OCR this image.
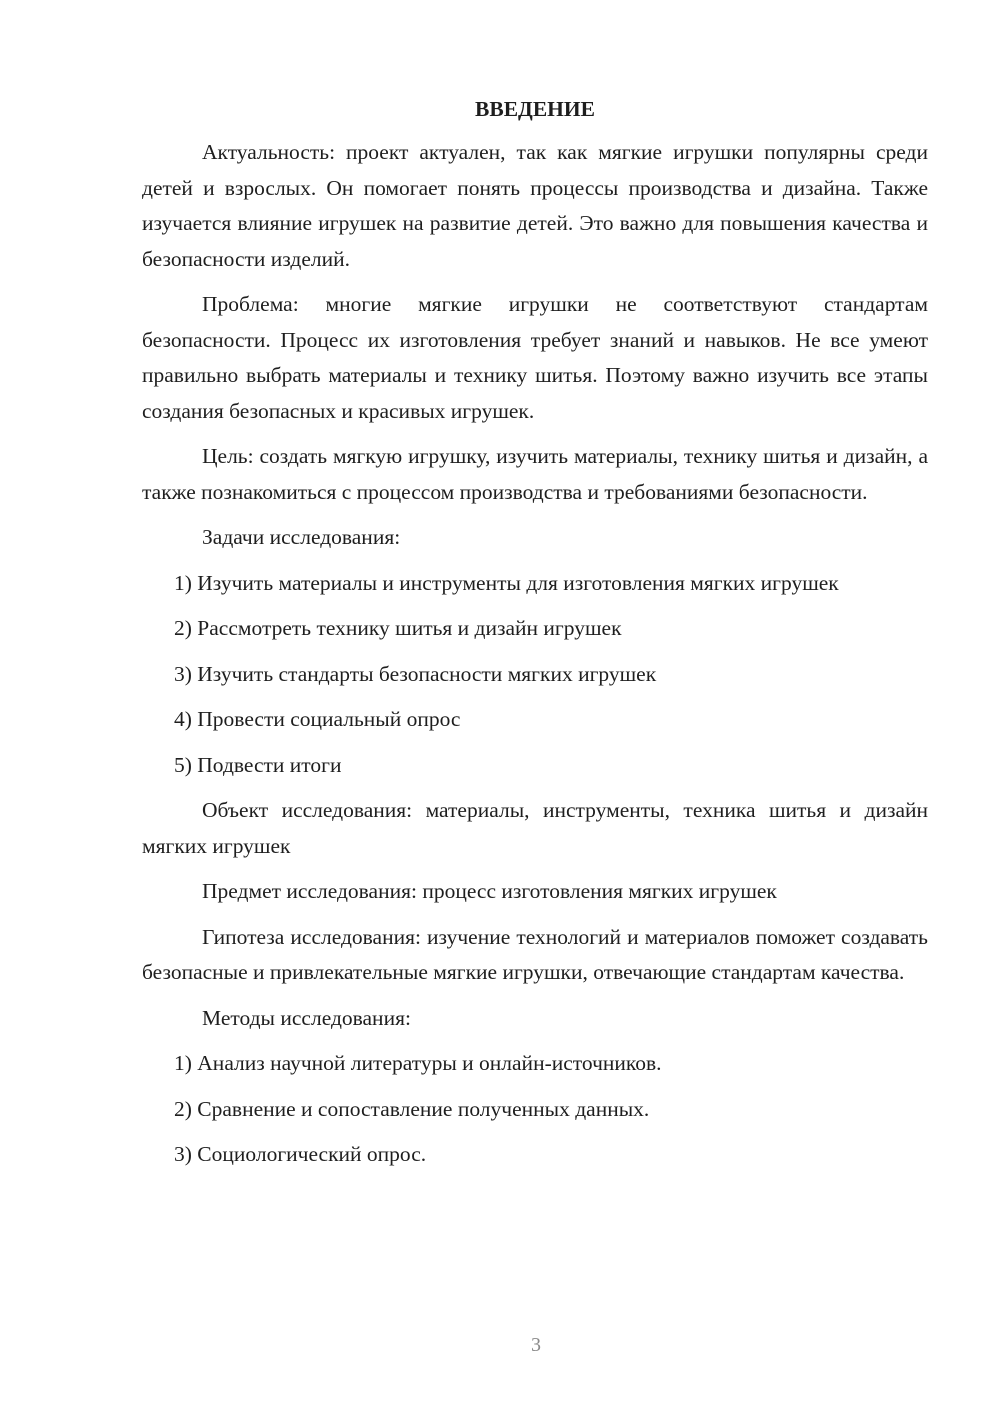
ВВЕДЕНИЕ

Актуальность: проект актуален, так как мягкие игрушки популярны среди детей и взрослых. Он помогает понять процессы производства и дизайна. Также изучается влияние игрушек на развитие детей. Это важно для повышения качества и безопасности изделий.

Проблема: многие мягкие игрушки не соответствуют стандартам безопасности. Процесс их изготовления требует знаний и навыков. Не все умеют правильно выбрать материалы и технику шитья. Поэтому важно изучить все этапы создания безопасных и красивых игрушек.

Цель: создать мягкую игрушку, изучить материалы, технику шитья и дизайн, а также познакомиться с процессом производства и требованиями безопасности.

Задачи исследования:

1) Изучить материалы и инструменты для изготовления мягких игрушек

2) Рассмотреть технику шитья и дизайн игрушек

3) Изучить стандарты безопасности мягких игрушек

4) Провести социальный опрос

5) Подвести итоги

Объект исследования: материалы, инструменты, техника шитья и дизайн мягких игрушек

Предмет исследования: процесс изготовления мягких игрушек

Гипотеза исследования: изучение технологий и материалов поможет создавать безопасные и привлекательные мягкие игрушки, отвечающие стандартам качества.

Методы исследования:

1) Анализ научной литературы и онлайн-источников.

2) Сравнение и сопоставление полученных данных.

3) Социологический опрос.

3
